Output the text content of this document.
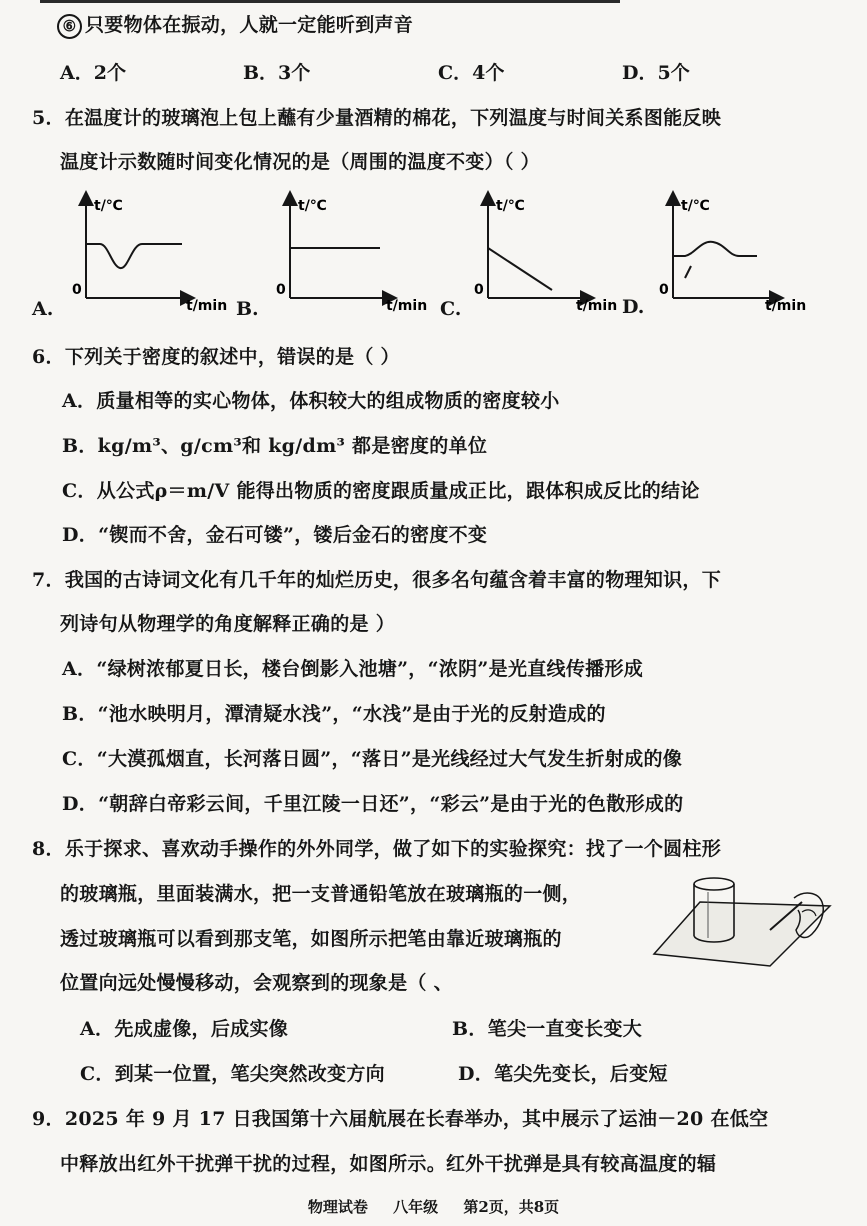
⑥ 只要物体在振动，人就一定能听到声音
A．2个	B．3个	C．4个	D．5个
5．在温度计的玻璃泡上包上蘸有少量酒精的棉花，下列温度与时间关系图能反映
温度计示数随时间变化情况的是（周围的温度不变）（ ）
t/℃
0
t/min
A.
t/℃
0
t/min
B.
t/℃
0
t/min
C.
t/℃
0
t/min
D.
6．下列关于密度的叙述中，错误的是（ ）
A．质量相等的实心物体，体积较大的组成物质的密度较小
B．kg/m³、g/cm³和 kg/dm³ 都是密度的单位
C．从公式ρ＝m/V 能得出物质的密度跟质量成正比，跟体积成反比的结论
D．“锲而不舍，金石可镂”，镂后金石的密度不变
7．我国的古诗词文化有几千年的灿烂历史，很多名句蕴含着丰富的物理知识，下
列诗句从物理学的角度解释正确的是 ）
A．“绿树浓郁夏日长，楼台倒影入池塘”，“浓阴”是光直线传播形成
B．“池水映明月，潭清疑水浅”，“水浅”是由于光的反射造成的
C．“大漠孤烟直，长河落日圆”，“落日”是光线经过大气发生折射成的像
D．“朝辞白帝彩云间，千里江陵一日还”，“彩云”是由于光的色散形成的
8．乐于探求、喜欢动手操作的外外同学，做了如下的实验探究：找了一个圆柱形
的玻璃瓶，里面装满水，把一支普通铅笔放在玻璃瓶的一侧，
透过玻璃瓶可以看到那支笔，如图所示把笔由靠近玻璃瓶的
位置向远处慢慢移动，会观察到的现象是（ 、
A．先成虚像，后成实像	B．笔尖一直变长变大
C．到某一位置，笔尖突然改变方向	D．笔尖先变长，后变短
9．2025 年 9 月 17 日我国第十六届航展在长春举办，其中展示了运油－20 在低空
中释放出红外干扰弹干扰的过程，如图所示。红外干扰弹是具有较高温度的辐
物理试卷 八年级 第2页，共8页
